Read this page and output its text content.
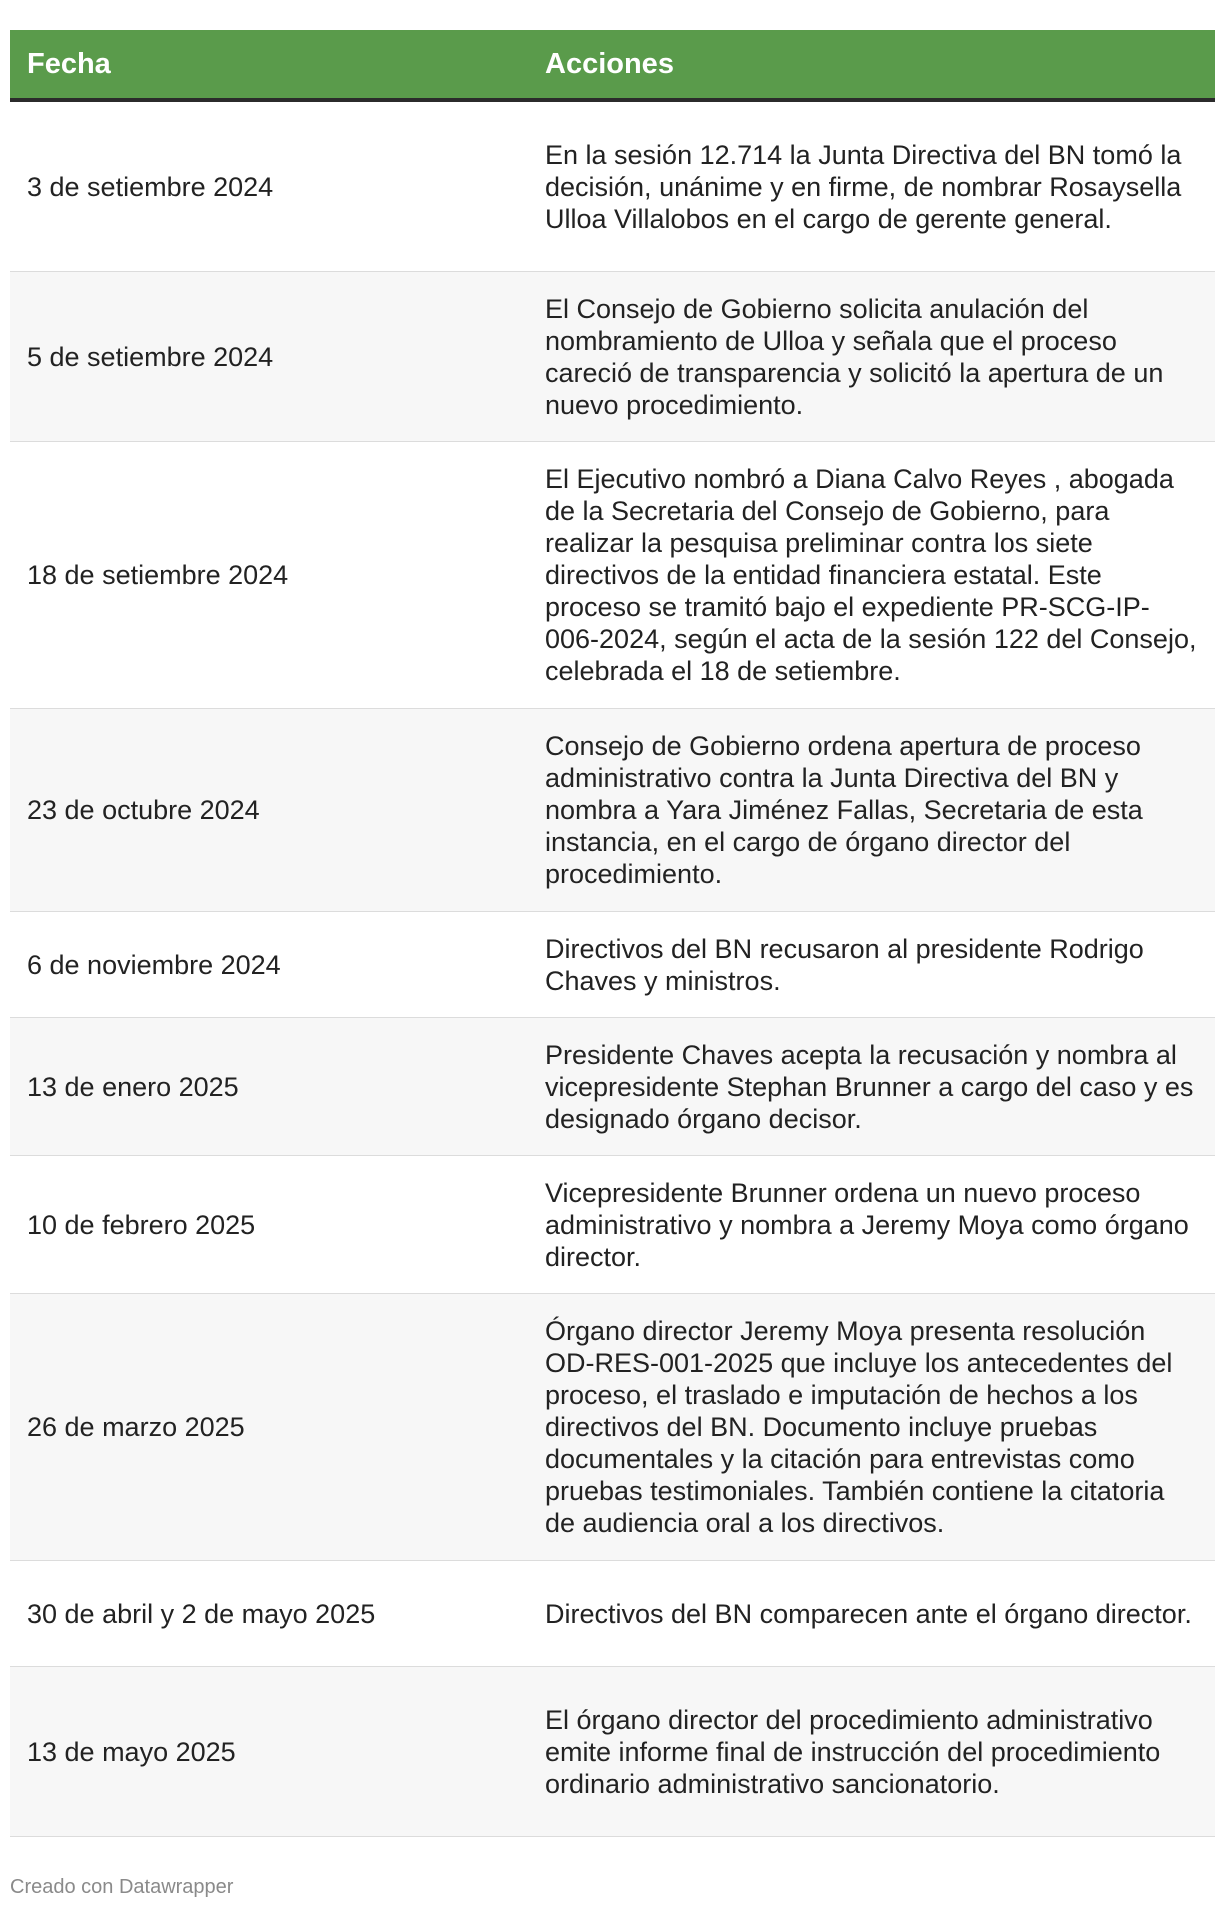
Fecha	Acciones
3 de setiembre 2024
En la sesión 12.714 la Junta Directiva del BN tomó la decisión, unánime y en firme, de nombrar Rosaysella Ulloa Villalobos en el cargo de gerente general.
5 de setiembre 2024
El Consejo de Gobierno solicita anulación del nombramiento de Ulloa y señala que el proceso careció de transparencia y solicitó la apertura de un nuevo procedimiento.
18 de setiembre 2024
El Ejecutivo nombró a Diana Calvo Reyes , abogada de la Secretaria del Consejo de Gobierno, para realizar la pesquisa preliminar contra los siete directivos de la entidad financiera estatal. Este proceso se tramitó bajo el expediente PR-SCG-IP-006-2024, según el acta de la sesión 122 del Consejo, celebrada el 18 de setiembre.
23 de octubre 2024
Consejo de Gobierno ordena apertura de proceso administrativo contra la Junta Directiva del BN y nombra a Yara Jiménez Fallas, Secretaria de esta instancia, en el cargo de órgano director del procedimiento.
6 de noviembre 2024
Directivos del BN recusaron al presidente Rodrigo Chaves y ministros.
13 de enero 2025
Presidente Chaves acepta la recusación y nombra al vicepresidente Stephan Brunner a cargo del caso y es designado órgano decisor.
10 de febrero 2025
Vicepresidente Brunner ordena un nuevo proceso administrativo y nombra a Jeremy Moya como órgano director.
26 de marzo 2025
Órgano director Jeremy Moya presenta resolución OD-RES-001-2025 que incluye los antecedentes del proceso, el traslado e imputación de hechos a los directivos del BN. Documento incluye pruebas documentales y la citación para entrevistas como pruebas testimoniales. También contiene la citatoria de audiencia oral a los directivos.
30 de abril y 2 de mayo 2025	Directivos del BN comparecen ante el órgano director.
13 de mayo 2025
El órgano director del procedimiento administrativo emite informe final de instrucción del procedimiento ordinario administrativo sancionatorio.
Creado con Datawrapper
